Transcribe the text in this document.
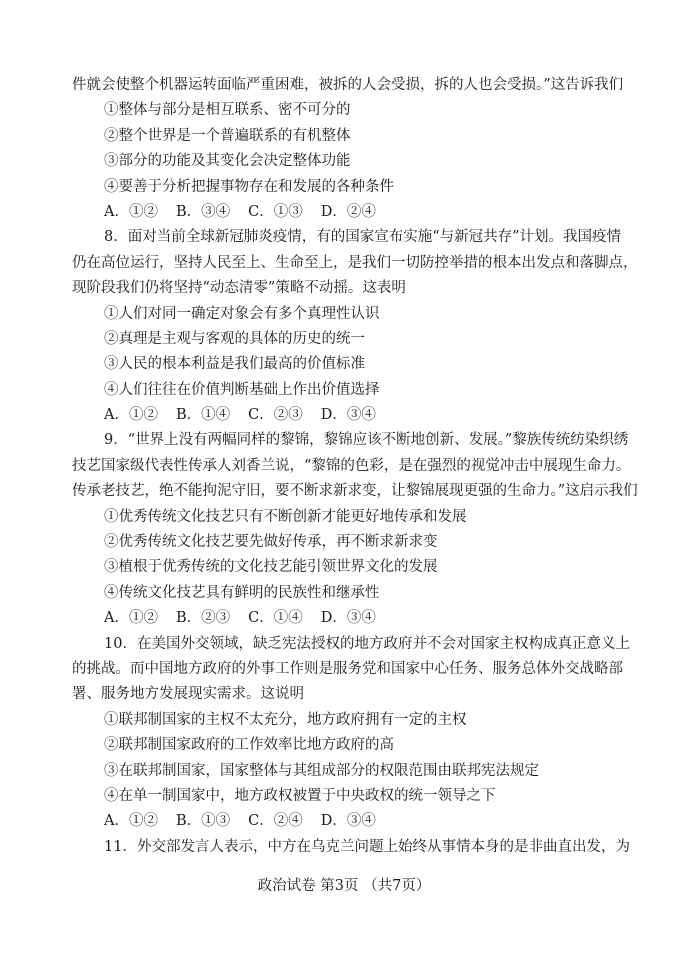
件就会使整个机器运转面临严重困难，被拆的人会受损，拆的人也会受损。”这告诉我们
①整体与部分是相互联系、密不可分的
②整个世界是一个普遍联系的有机整体
③部分的功能及其变化会决定整体功能
④要善于分析把握事物存在和发展的各种条件
A．①② B．③④ C．①③ D．②④
8．面对当前全球新冠肺炎疫情，有的国家宣布实施“与新冠共存”计划。我国疫情
仍在高位运行，坚持人民至上、生命至上，是我们一切防控举措的根本出发点和落脚点，
现阶段我们仍将坚持“动态清零”策略不动摇。这表明
①人们对同一确定对象会有多个真理性认识
②真理是主观与客观的具体的历史的统一
③人民的根本利益是我们最高的价值标准
④人们往往在价值判断基础上作出价值选择
A．①② B．①④ C．②③ D．③④
9．“世界上没有两幅同样的黎锦，黎锦应该不断地创新、发展。”黎族传统纺染织绣
技艺国家级代表性传承人刘香兰说，“黎锦的色彩，是在强烈的视觉冲击中展现生命力。
传承老技艺，绝不能拘泥守旧，要不断求新求变，让黎锦展现更强的生命力。”这启示我们
①优秀传统文化技艺只有不断创新才能更好地传承和发展
②优秀传统文化技艺要先做好传承，再不断求新求变
③植根于优秀传统的文化技艺能引领世界文化的发展
④传统文化技艺具有鲜明的民族性和继承性
A．①② B．②③ C．①④ D．③④
10．在美国外交领域，缺乏宪法授权的地方政府并不会对国家主权构成真正意义上
的挑战。而中国地方政府的外事工作则是服务党和国家中心任务、服务总体外交战略部
署、服务地方发展现实需求。这说明
①联邦制国家的主权不太充分，地方政府拥有一定的主权
②联邦制国家政府的工作效率比地方政府的高
③在联邦制国家，国家整体与其组成部分的权限范围由联邦宪法规定
④在单一制国家中，地方政权被置于中央政权的统一领导之下
A．①② B．①③ C．②④ D．③④
11．外交部发言人表示，中方在乌克兰问题上始终从事情本身的是非曲直出发，为
政治试卷 第3页 （共7页）
